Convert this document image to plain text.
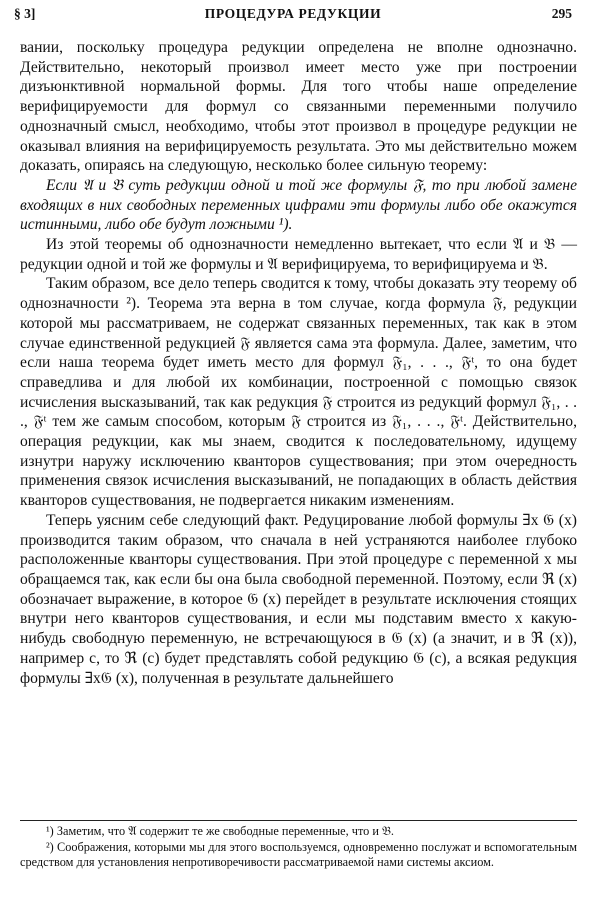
§ 3]	ПРОЦЕДУРА РЕДУКЦИИ	295

вании, поскольку процедура редукции определена не вполне однозначно. Действительно, некоторый произвол имеет место уже при построении дизъюнктивной нормальной формы. Для того чтобы наше определение верифицируемости для формул со связанными переменными получило однозначный смысл, необходимо, чтобы этот произвол в процедуре редукции не оказывал влияния на верифицируемость результата. Это мы действительно можем доказать, опираясь на следующую, несколько более сильную теорему:

Если 𝔄 и 𝔅 суть редукции одной и той же формулы 𝔉, то при любой замене входящих в них свободных переменных цифрами эти формулы либо обе окажутся истинными, либо обе будут ложными ¹).

Из этой теоремы об однозначности немедленно вытекает, что если 𝔄 и 𝔅 — редукции одной и той же формулы и 𝔄 верифицируема, то верифицируема и 𝔅.

Таким образом, все дело теперь сводится к тому, чтобы доказать эту теорему об однозначности ²). Теорема эта верна в том случае, когда формула 𝔉, редукции которой мы рассматриваем, не содержат связанных переменных, так как в этом случае единственной редукцией 𝔉 является сама эта формула. Далее, заметим, что если наша теорема будет иметь место для формул 𝔉₁, . . ., 𝔉ᵗ, то она будет справедлива и для любой их комбинации, построенной с помощью связок исчисления высказываний, так как редукция 𝔉 строится из редукций формул 𝔉₁, . . ., 𝔉ᵗ тем же самым способом, которым 𝔉 строится из 𝔉₁, . . ., 𝔉ᵗ. Действительно, операция редукции, как мы знаем, сводится к последовательному, идущему изнутри наружу исключению кванторов существования; при этом очередность применения связок исчисления высказываний, не попадающих в область действия кванторов существования, не подвергается никаким изменениям.

Теперь уясним себе следующий факт. Редуцирование любой формулы ∃x 𝔊 (x) производится таким образом, что сначала в ней устраняются наиболее глубоко расположенные кванторы существования. При этой процедуре с переменной x мы обращаемся так, как если бы она была свободной переменной. Поэтому, если ℜ (x) обозначает выражение, в которое 𝔊 (x) перейдет в результате исключения стоящих внутри него кванторов существования, и если мы подставим вместо x какую-нибудь свободную переменную, не встречающуюся в 𝔊 (x) (а значит, и в ℜ (x)), например c, то ℜ (c) будет представлять собой редукцию 𝔊 (c), а всякая редукция формулы ∃x𝔊 (x), полученная в результате дальнейшего

¹) Заметим, что 𝔄 содержит те же свободные переменные, что и 𝔅.

²) Соображения, которыми мы для этого воспользуемся, одновременно послужат и вспомогательным средством для установления непротиворечивости рассматриваемой нами системы аксиом.
